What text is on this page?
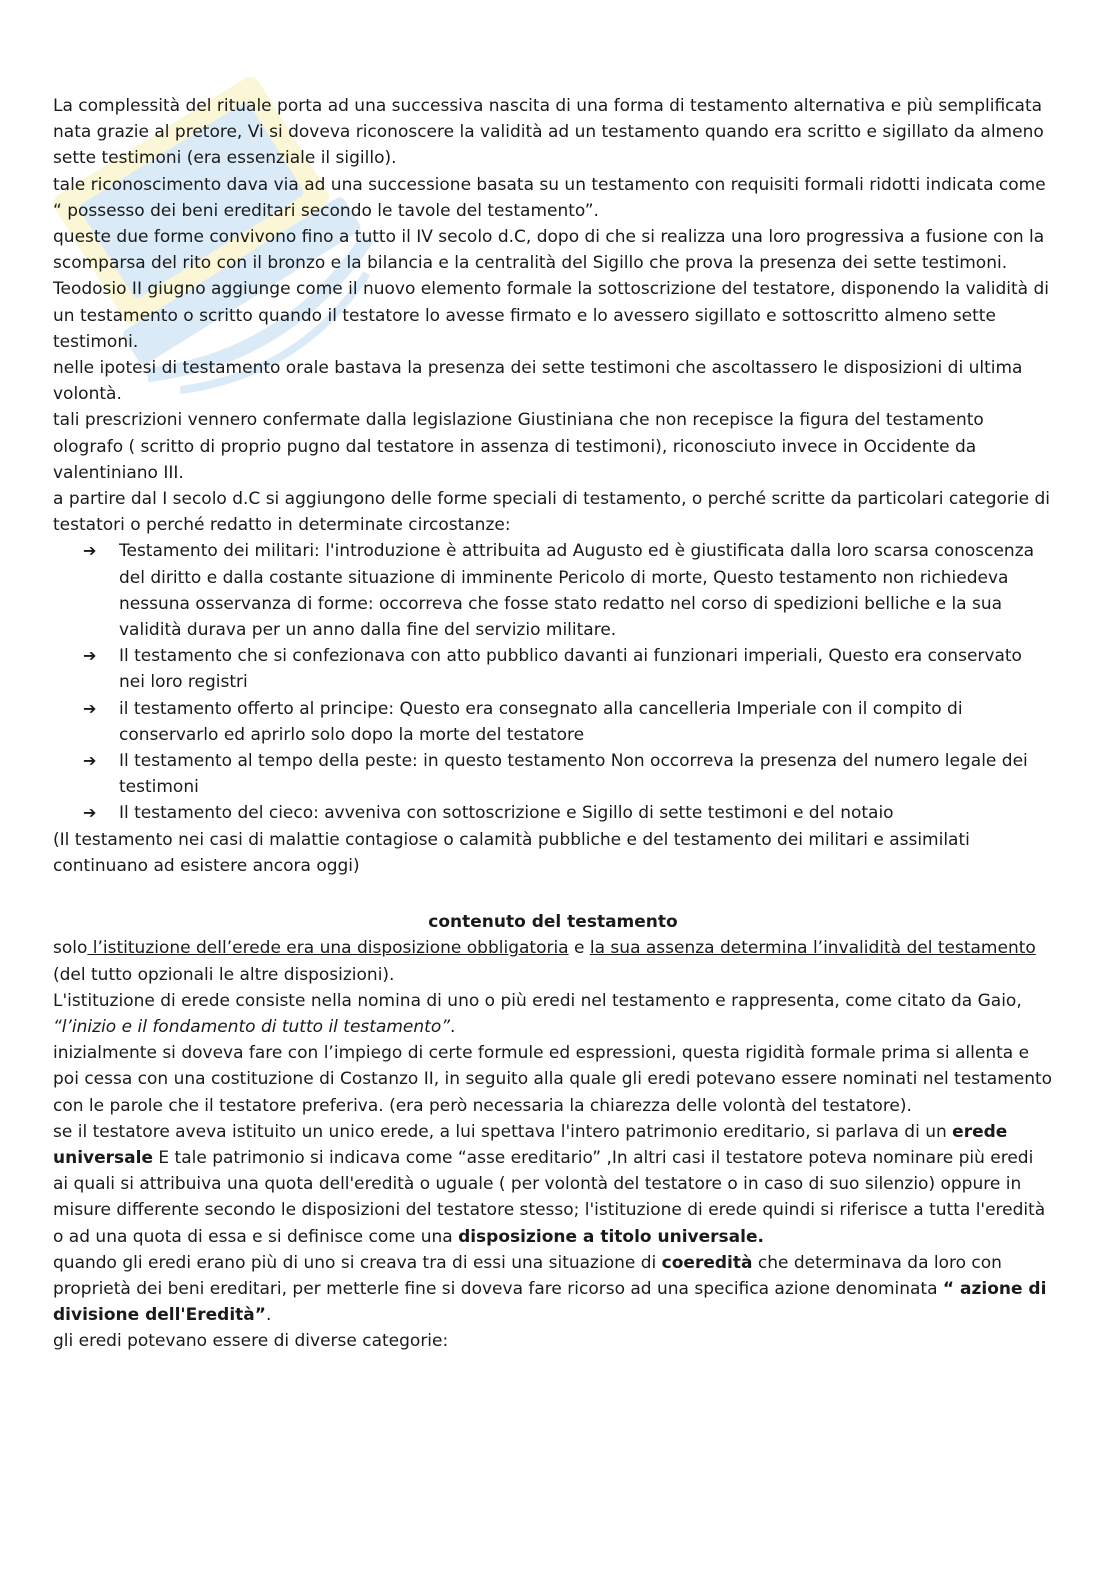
La complessità del rituale porta ad una successiva nascita di una forma di testamento alternativa e più semplificata nata grazie al pretore, Vi si doveva riconoscere la validità ad un testamento quando era scritto e sigillato da almeno sette testimoni (era essenziale il sigillo).

tale riconoscimento dava via ad una successione basata su un testamento con requisiti formali ridotti indicata come “ possesso dei beni ereditari secondo le tavole del testamento”.

queste due forme convivono fino a tutto il IV secolo d.C, dopo di che si realizza una loro progressiva a fusione con la scomparsa del rito con il bronzo e la bilancia e la centralità del Sigillo che prova la presenza dei sette testimoni.

Teodosio II giugno aggiunge come il nuovo elemento formale la sottoscrizione del testatore, disponendo la validità di un testamento o scritto quando il testatore lo avesse firmato e lo avessero sigillato e sottoscritto almeno sette testimoni.

nelle ipotesi di testamento orale bastava la presenza dei sette testimoni che ascoltassero le disposizioni di ultima volontà.

tali prescrizioni vennero confermate dalla legislazione Giustiniana che non recepisce la figura del testamento olografo ( scritto di proprio pugno dal testatore in assenza di testimoni), riconosciuto invece in Occidente da valentiniano III.

a partire dal I secolo d.C si aggiungono delle forme speciali di testamento, o perché scritte da particolari categorie di testatori o perché redatto in determinate circostanze:

➔ Testamento dei militari: l'introduzione è attribuita ad Augusto ed è giustificata dalla loro scarsa conoscenza del diritto e dalla costante situazione di imminente Pericolo di morte, Questo testamento non richiedeva nessuna osservanza di forme: occorreva che fosse stato redatto nel corso di spedizioni belliche e la sua validità durava per un anno dalla fine del servizio militare.
➔ Il testamento che si confezionava con atto pubblico davanti ai funzionari imperiali, Questo era conservato nei loro registri
➔ il testamento offerto al principe: Questo era consegnato alla cancelleria Imperiale con il compito di conservarlo ed aprirlo solo dopo la morte del testatore
➔ Il testamento al tempo della peste: in questo testamento Non occorreva la presenza del numero legale dei testimoni
➔ Il testamento del cieco: avveniva con sottoscrizione e Sigillo di sette testimoni e del notaio

(Il testamento nei casi di malattie contagiose o calamità pubbliche e del testamento dei militari e assimilati continuano ad esistere ancora oggi)

contenuto del testamento

solo l’istituzione dell’erede era una disposizione obbligatoria e la sua assenza determina l’invalidità del testamento (del tutto opzionali le altre disposizioni).

L'istituzione di erede consiste nella nomina di uno o più eredi nel testamento e rappresenta, come citato da Gaio, “l’inizio e il fondamento di tutto il testamento”.

inizialmente si doveva fare con l’impiego di certe formule ed espressioni, questa rigidità formale prima si allenta e poi cessa con una costituzione di Costanzo II, in seguito alla quale gli eredi potevano essere nominati nel testamento con le parole che il testatore preferiva. (era però necessaria la chiarezza delle volontà del testatore).

se il testatore aveva istituito un unico erede, a lui spettava l'intero patrimonio ereditario, si parlava di un erede universale E tale patrimonio si indicava come “asse ereditario” ,In altri casi il testatore poteva nominare più eredi ai quali si attribuiva una quota dell'eredità o uguale ( per volontà del testatore o in caso di suo silenzio) oppure in misure differente secondo le disposizioni del testatore stesso; l'istituzione di erede quindi si riferisce a tutta l'eredità o ad una quota di essa e si definisce come una disposizione a titolo universale.

quando gli eredi erano più di uno si creava tra di essi una situazione di coeredità che determinava da loro con proprietà dei beni ereditari, per metterle fine si doveva fare ricorso ad una specifica azione denominata “ azione di divisione dell'Eredità”.

gli eredi potevano essere di diverse categorie:
